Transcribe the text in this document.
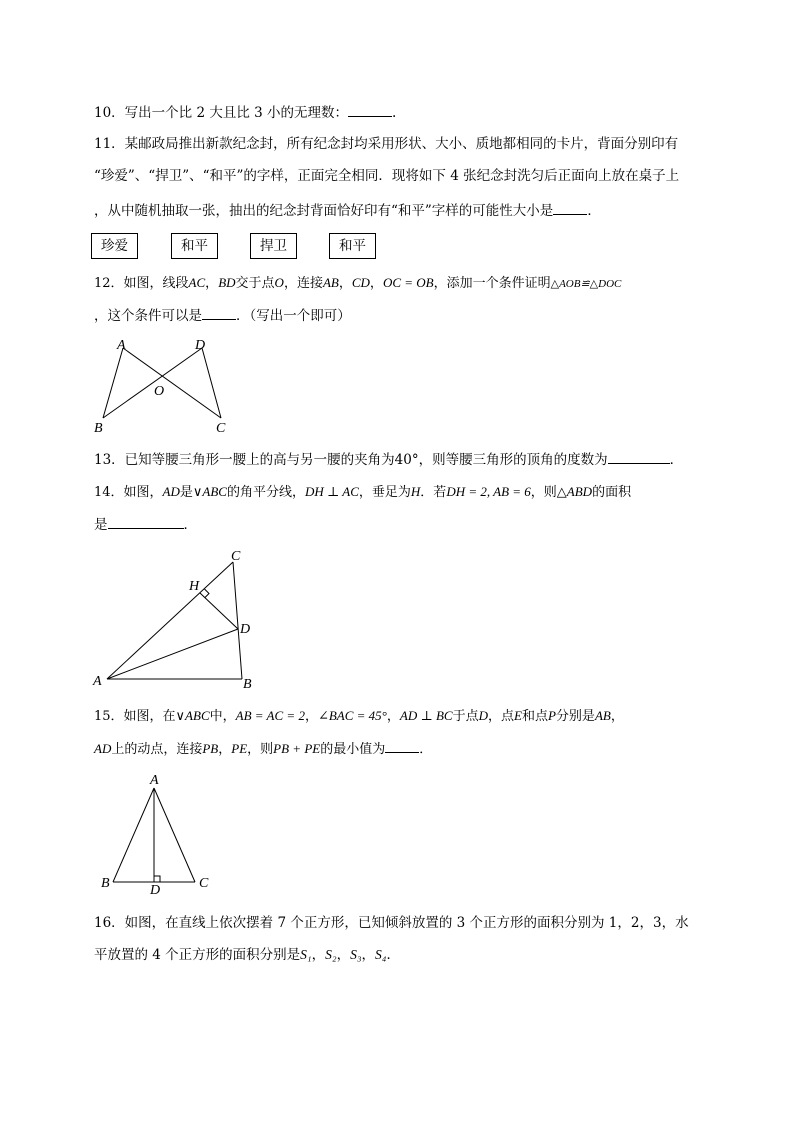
10．写出一个比 2 大且比 3 小的无理数：	.
11．某邮政局推出新款纪念封，所有纪念封均采用形状、大小、质地都相同的卡片，背面分别印有
“珍爱”、“捍卫”、“和平”的字样，正面完全相同．现将如下 4 张纪念封洗匀后正面向上放在桌子上
，从中随机抽取一张，抽出的纪念封背面恰好印有“和平”字样的可能性大小是	．
珍爱	和平	捍卫	和平
12．如图，线段AC，BD交于点O，连接AB，CD，OC = OB，添加一个条件证明△AOB≌△DOC
，这个条件可以是	．（写出一个即可）
A	D
O
B	C
13．已知等腰三角形一腰上的高与另一腰的夹角为40°，则等腰三角形的顶角的度数为	．
14．如图，AD是∨ABC的角平分线，DH ⊥ AC，垂足为H．若DH = 2, AB = 6，则△ABD的面积
是	．
C
H
D
A	B
15．如图，在∨ABC中，AB = AC = 2，∠BAC = 45°，AD ⊥ BC于点D，点E和点P分别是AB，
AD上的动点，连接PB，PE，则PB + PE的最小值为	．
A
B	D	C
16．如图，在直线上依次摆着 7 个正方形，已知倾斜放置的 3 个正方形的面积分别为 1，2，3，水
平放置的 4 个正方形的面积分别是S₁，S₂，S₃，S₄．
